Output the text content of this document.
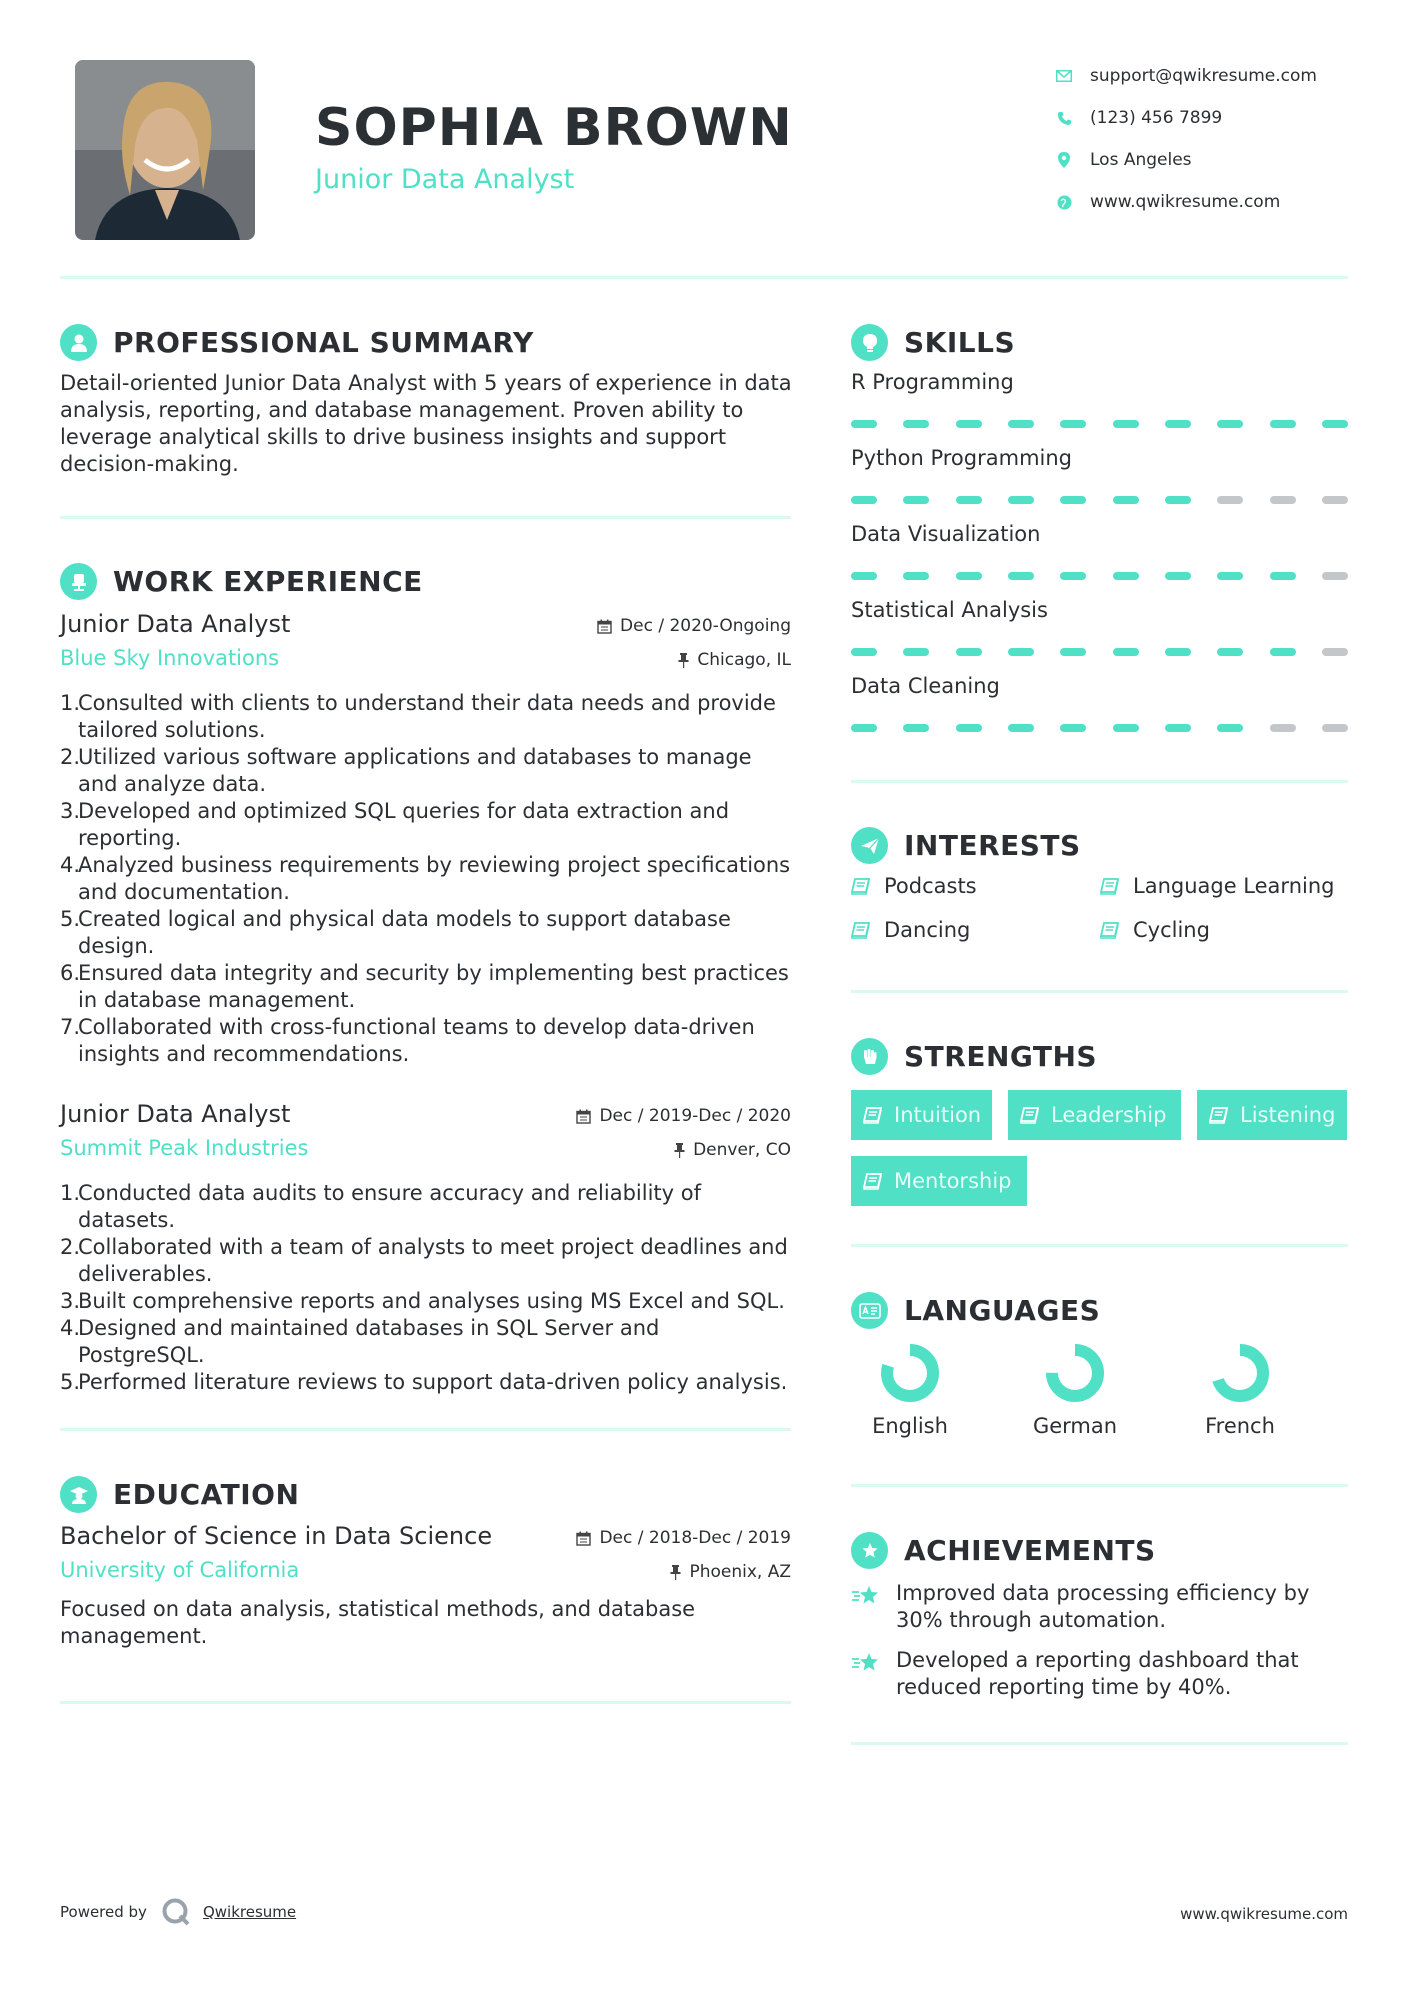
SOPHIA BROWN
Junior Data Analyst
support@qwikresume.com
(123) 456 7899
Los Angeles
www.qwikresume.com
PROFESSIONAL SUMMARY
Detail-oriented Junior Data Analyst with 5 years of experience in data analysis, reporting, and database management. Proven ability to leverage analytical skills to drive business insights and support decision-making.
WORK EXPERIENCE
Junior Data Analyst	Dec / 2020-Ongoing
Blue Sky Innovations	Chicago, IL
1.
Consulted with clients to understand their data needs and provide tailored solutions.
2.
Utilized various software applications and databases to manage and analyze data.
3.
Developed and optimized SQL queries for data extraction and reporting.
4.
Analyzed business requirements by reviewing project specifications and documentation.
5.
Created logical and physical data models to support database design.
6.
Ensured data integrity and security by implementing best practices in database management.
7.
Collaborated with cross-functional teams to develop data-driven insights and recommendations.
Junior Data Analyst	Dec / 2019-Dec / 2020
Summit Peak Industries	Denver, CO
1.
Conducted data audits to ensure accuracy and reliability of datasets.
2.
Collaborated with a team of analysts to meet project deadlines and deliverables.
3.
Built comprehensive reports and analyses using MS Excel and SQL.
4.
Designed and maintained databases in SQL Server and PostgreSQL.
5.
Performed literature reviews to support data-driven policy analysis.
EDUCATION
Bachelor of Science in Data Science	Dec / 2018-Dec / 2019
University of California	Phoenix, AZ
Focused on data analysis, statistical methods, and database management.
SKILLS
R Programming
Python Programming
Data Visualization
Statistical Analysis
Data Cleaning
INTERESTS
Podcasts	Language Learning
Dancing	Cycling
STRENGTHS
Intuition	Leadership	Listening
Mentorship
LANGUAGES
English	German	French
ACHIEVEMENTS
Improved data processing efficiency by 30% through automation.
Developed a reporting dashboard that reduced reporting time by 40%.
Powered by	Qwikresume	www.qwikresume.com
